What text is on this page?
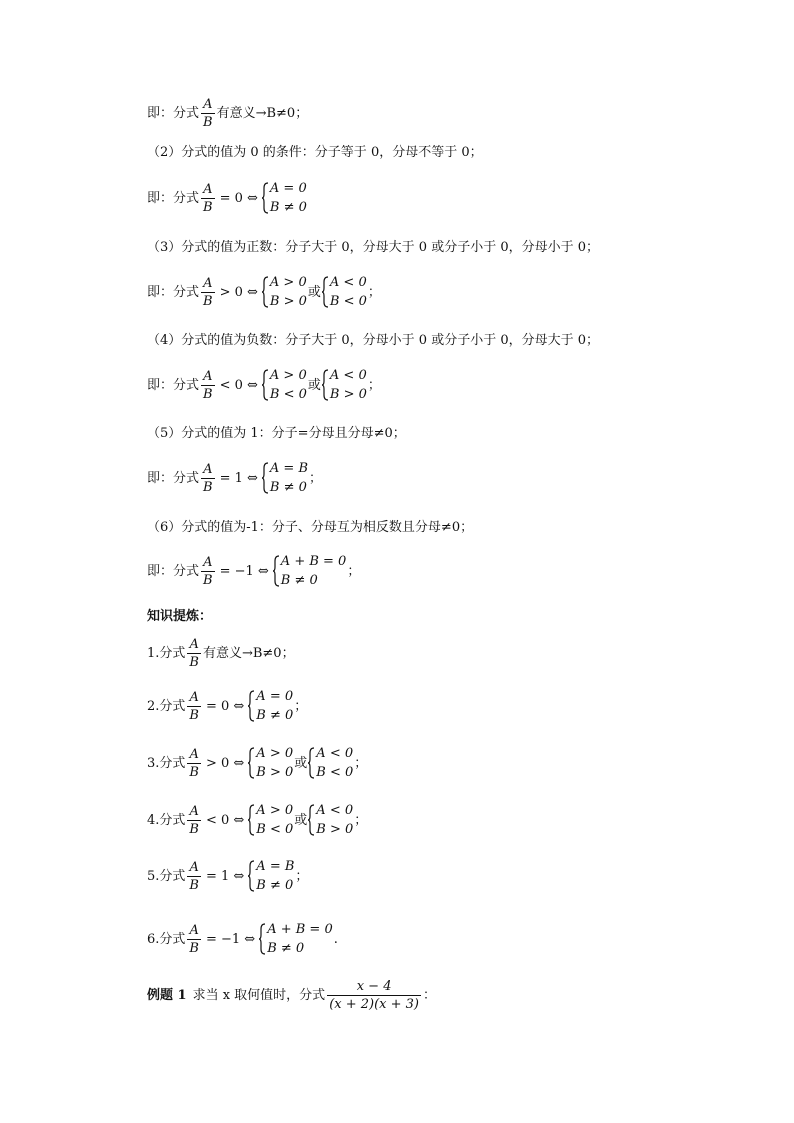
即：分式 $\frac{A}{B}$ 有意义→B≠0；
（2）分式的值为 0 的条件：分子等于 0，分母不等于 0；
即：分式 $\frac{A}{B} = 0$ ⇔
A = 0
B ≠ 0
（3）分式的值为正数：分子大于 0，分母大于 0 或分子小于 0，分母小于 0；
即：分式 $\frac{A}{B} > 0$ ⇔
A > 0
B > 0
或
A < 0
B < 0
；
（4）分式的值为负数：分子大于 0，分母小于 0 或分子小于 0，分母大于 0；
即：分式 $\frac{A}{B} < 0$ ⇔
A > 0
B < 0
或
A < 0
B > 0
；
（5）分式的值为 1：分子=分母且分母≠0；
即：分式 $\frac{A}{B} = 1$ ⇔
A = B
B ≠ 0
；
（6）分式的值为-1：分子、分母互为相反数且分母≠0；
即：分式 $\frac{A}{B} = -1$ ⇔
A + B = 0
B ≠ 0
；
知识提炼：
1.分式 $\frac{A}{B}$ 有意义→B≠0；
2.分式 $\frac{A}{B} = 0$ ⇔
A = 0
B ≠ 0
；
3.分式 $\frac{A}{B} > 0$ ⇔
A > 0
B > 0
或
A < 0
B < 0
；
4.分式 $\frac{A}{B} < 0$ ⇔
A > 0
B < 0
或
A < 0
B > 0
；
5.分式 $\frac{A}{B} = 1$ ⇔
A = B
B ≠ 0
；
6.分式 $\frac{A}{B} = -1$ ⇔
A + B = 0
B ≠ 0
.
例题 1 求当 x 取何值时，分式 $\frac{x - 4}{(x + 2)(x + 3)}$ ：
